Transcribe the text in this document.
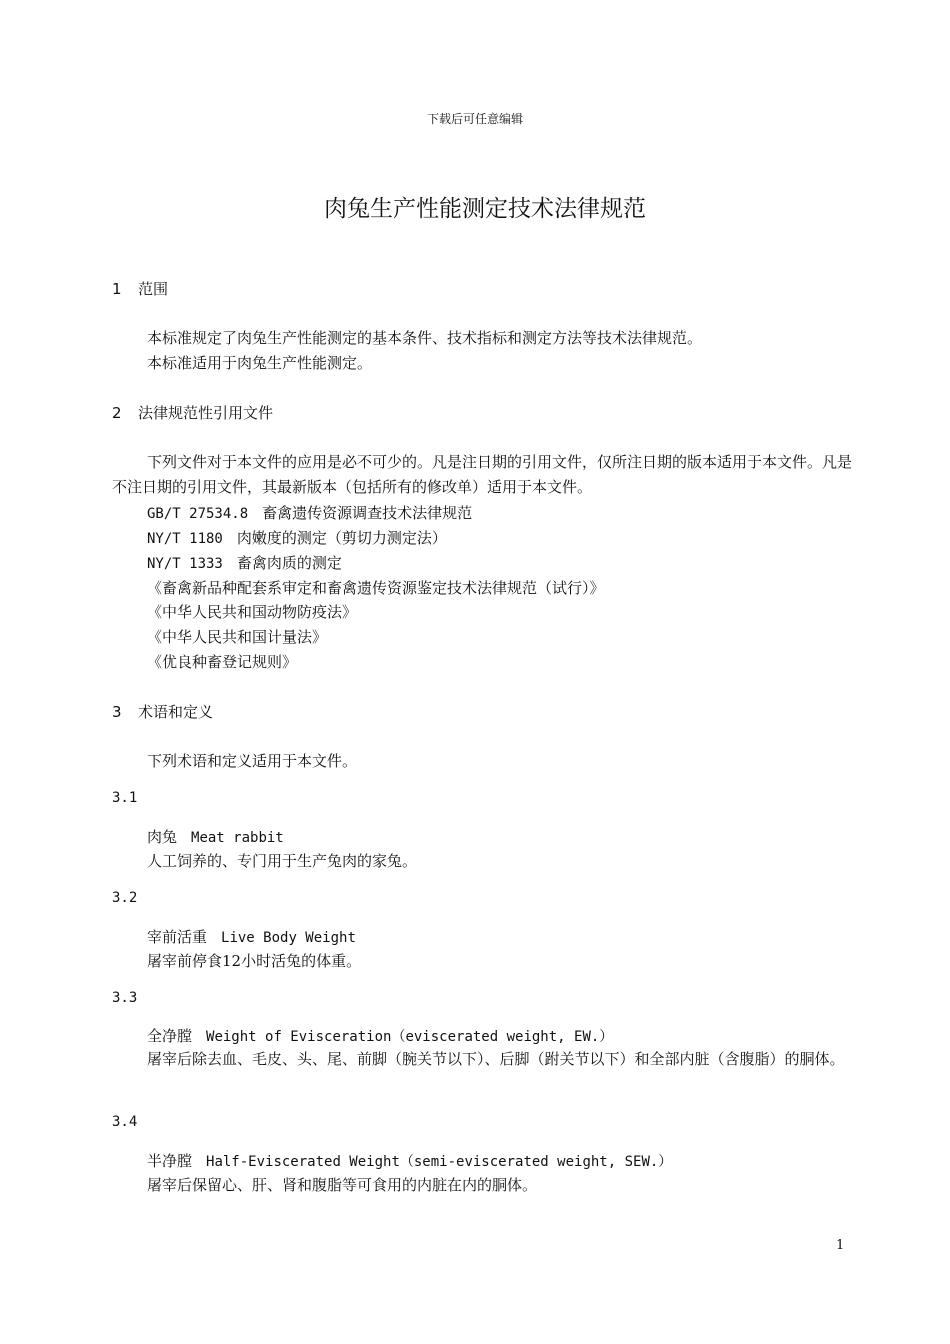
下载后可任意编辑
肉兔生产性能测定技术法律规范
1 范围
本标准规定了肉兔生产性能测定的基本条件、技术指标和测定方法等技术法律规范。
本标准适用于肉兔生产性能测定。
2 法律规范性引用文件
下列文件对于本文件的应用是必不可少的。凡是注日期的引用文件，仅所注日期的版本适用于本文件。凡是不注日期的引用文件，其最新版本（包括所有的修改单）适用于本文件。
GB/T 27534.8 畜禽遗传资源调查技术法律规范
NY/T 1180 肉嫩度的测定（剪切力测定法）
NY/T 1333 畜禽肉质的测定
《畜禽新品种配套系审定和畜禽遗传资源鉴定技术法律规范（试行）》
《中华人民共和国动物防疫法》
《中华人民共和国计量法》
《优良种畜登记规则》
3 术语和定义
下列术语和定义适用于本文件。
3.1
肉兔 Meat rabbit
人工饲养的、专门用于生产兔肉的家兔。
3.2
宰前活重 Live Body Weight
屠宰前停食12小时活兔的体重。
3.3
全净膛 Weight of Evisceration（eviscerated weight, EW.）
屠宰后除去血、毛皮、头、尾、前脚（腕关节以下）、后脚（跗关节以下）和全部内脏（含腹脂）的胴体。
3.4
半净膛 Half-Eviscerated Weight（semi-eviscerated weight, SEW.）
屠宰后保留心、肝、肾和腹脂等可食用的内脏在内的胴体。
1
